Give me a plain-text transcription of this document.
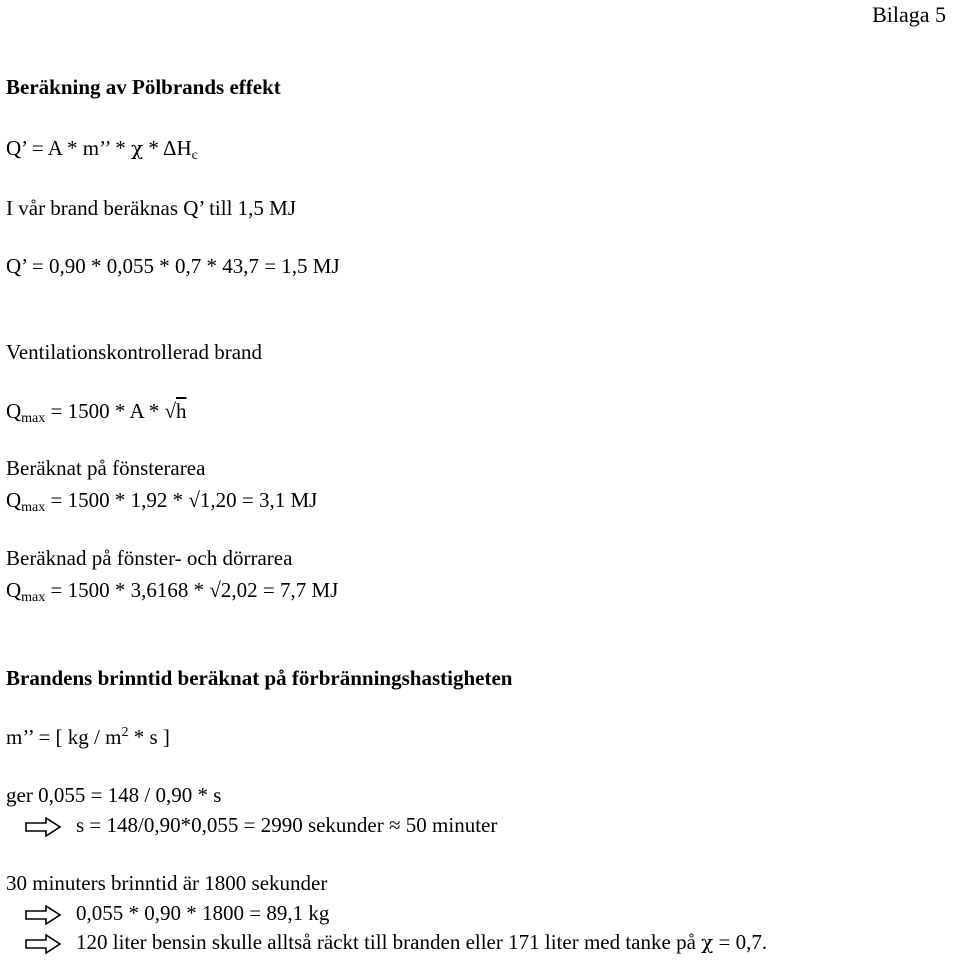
Bilaga 5
Beräkning av Pölbrands effekt
Q’ = A * m’’ * χ * ΔHc
I vår brand beräknas Q’ till 1,5 MJ
Q’ = 0,90 * 0,055 * 0,7 * 43,7 = 1,5 MJ
Ventilationskontrollerad brand
Qmax = 1500 * A * √h
Beräknat på fönsterarea
Qmax = 1500 * 1,92 * √1,20 = 3,1 MJ
Beräknad på fönster- och dörrarea
Qmax = 1500 * 3,6168 * √2,02 = 7,7 MJ
Brandens brinntid beräknat på förbränningshastigheten
m’’ = [ kg / $m^2$ * s ]
ger 0,055 = 148 / 0,90 * s
s = 148/0,90*0,055 = 2990 sekunder ≈ 50 minuter
30 minuters brinntid är 1800 sekunder
0,055 * 0,90 * 1800 = 89,1 kg
120 liter bensin skulle alltså räckt till branden eller 171 liter med tanke på χ = 0,7.
